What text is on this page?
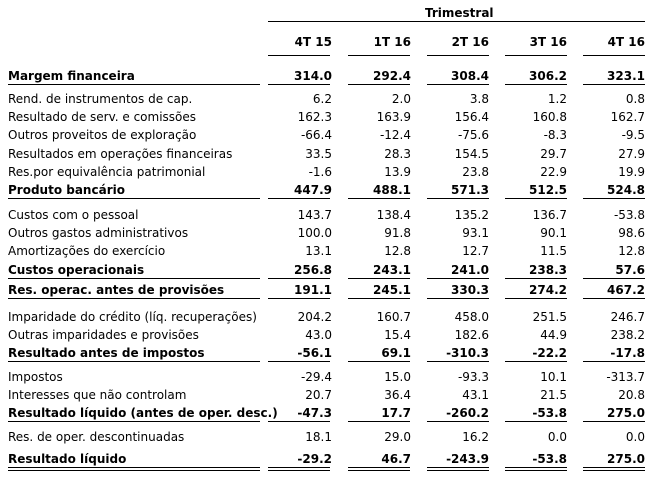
Trimestral
4T 15	1T 16	2T 16	3T 16	4T 16
Margem financeira	314.0	292.4	308.4	306.2	323.1
Rend. de instrumentos de cap.	6.2	2.0	3.8	1.2	0.8
Resultado de serv. e comissões	162.3	163.9	156.4	160.8	162.7
Outros proveitos de exploração	-66.4	-12.4	-75.6	-8.3	-9.5
Resultados em operações financeiras	33.5	28.3	154.5	29.7	27.9
Res.por equivalência patrimonial	-1.6	13.9	23.8	22.9	19.9
Produto bancário	447.9	488.1	571.3	512.5	524.8
Custos com o pessoal	143.7	138.4	135.2	136.7	-53.8
Outros gastos administrativos	100.0	91.8	93.1	90.1	98.6
Amortizações do exercício	13.1	12.8	12.7	11.5	12.8
Custos operacionais	256.8	243.1	241.0	238.3	57.6
Res. operac. antes de provisões	191.1	245.1	330.3	274.2	467.2
Imparidade do crédito (líq. recuperações)	204.2	160.7	458.0	251.5	246.7
Outras imparidades e provisões	43.0	15.4	182.6	44.9	238.2
Resultado antes de impostos	-56.1	69.1	-310.3	-22.2	-17.8
Impostos	-29.4	15.0	-93.3	10.1	-313.7
Interesses que não controlam	20.7	36.4	43.1	21.5	20.8
Resultado líquido (antes de oper. desc.)	-47.3	17.7	-260.2	-53.8	275.0
Res. de oper. descontinuadas	18.1	29.0	16.2	0.0	0.0
Resultado líquido	-29.2	46.7	-243.9	-53.8	275.0
